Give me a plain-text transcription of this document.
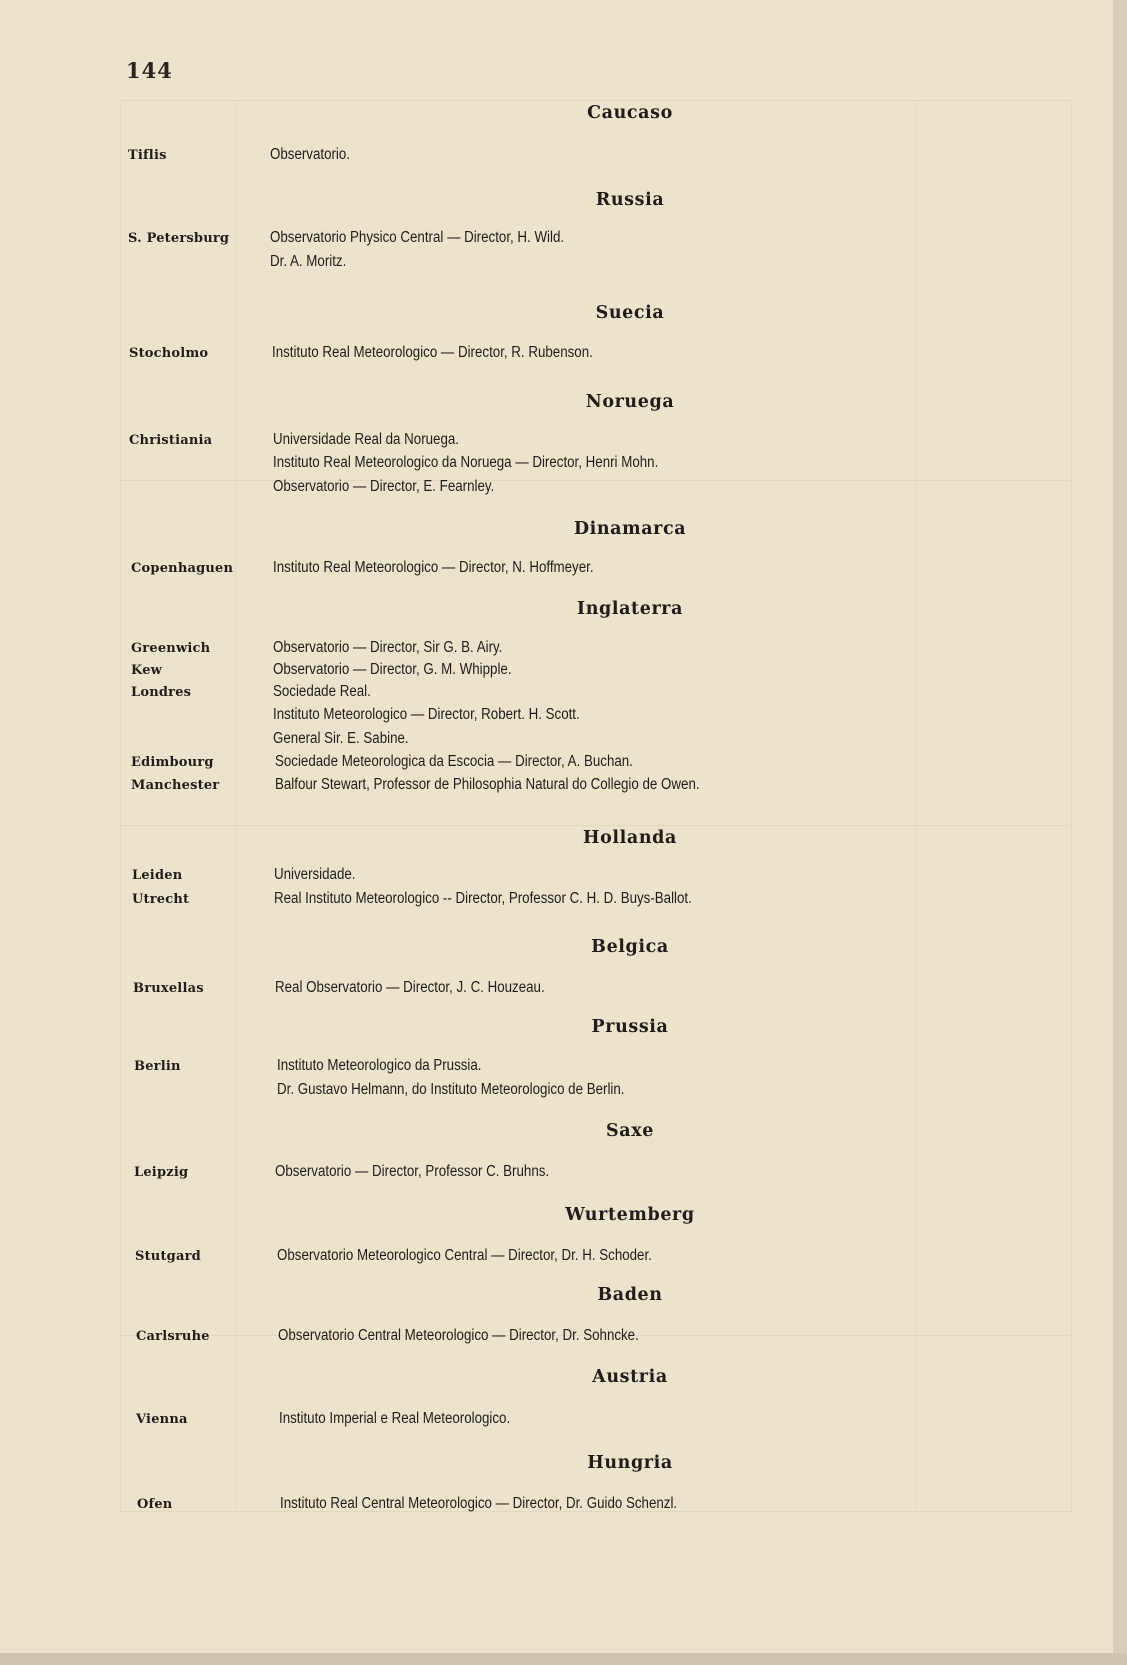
144
Caucaso
Tiflis	Observatorio.
Russia
S. Petersburg	Observatorio Physico Central — Director, H. Wild.
Dr. A. Moritz.
Suecia
Stocholmo	Instituto Real Meteorologico — Director, R. Rubenson.
Noruega
Christiania	Universidade Real da Noruega.
Instituto Real Meteorologico da Noruega — Director, Henri Mohn.
Observatorio — Director, E. Fearnley.
Dinamarca
Copenhaguen	Instituto Real Meteorologico — Director, N. Hoffmeyer.
Inglaterra
Greenwich	Observatorio — Director, Sir G. B. Airy.
Kew	Observatorio — Director, G. M. Whipple.
Londres	Sociedade Real.
Instituto Meteorologico — Director, Robert. H. Scott.
General Sir. E. Sabine.
Edimbourg	Sociedade Meteorologica da Escocia — Director, A. Buchan.
Manchester	Balfour Stewart, Professor de Philosophia Natural do Collegio de Owen.
Hollanda
Leiden	Universidade.
Utrecht	Real Instituto Meteorologico -- Director, Professor C. H. D. Buys-Ballot.
Belgica
Bruxellas	Real Observatorio — Director, J. C. Houzeau.
Prussia
Berlin	Instituto Meteorologico da Prussia.
Dr. Gustavo Helmann, do Instituto Meteorologico de Berlin.
Saxe
Leipzig	Observatorio — Director, Professor C. Bruhns.
Wurtemberg
Stutgard	Observatorio Meteorologico Central — Director, Dr. H. Schoder.
Baden
Carlsruhe	Observatorio Central Meteorologico — Director, Dr. Sohncke.
Austria
Vienna	Instituto Imperial e Real Meteorologico.
Hungria
Ofen	Instituto Real Central Meteorologico — Director, Dr. Guido Schenzl.
